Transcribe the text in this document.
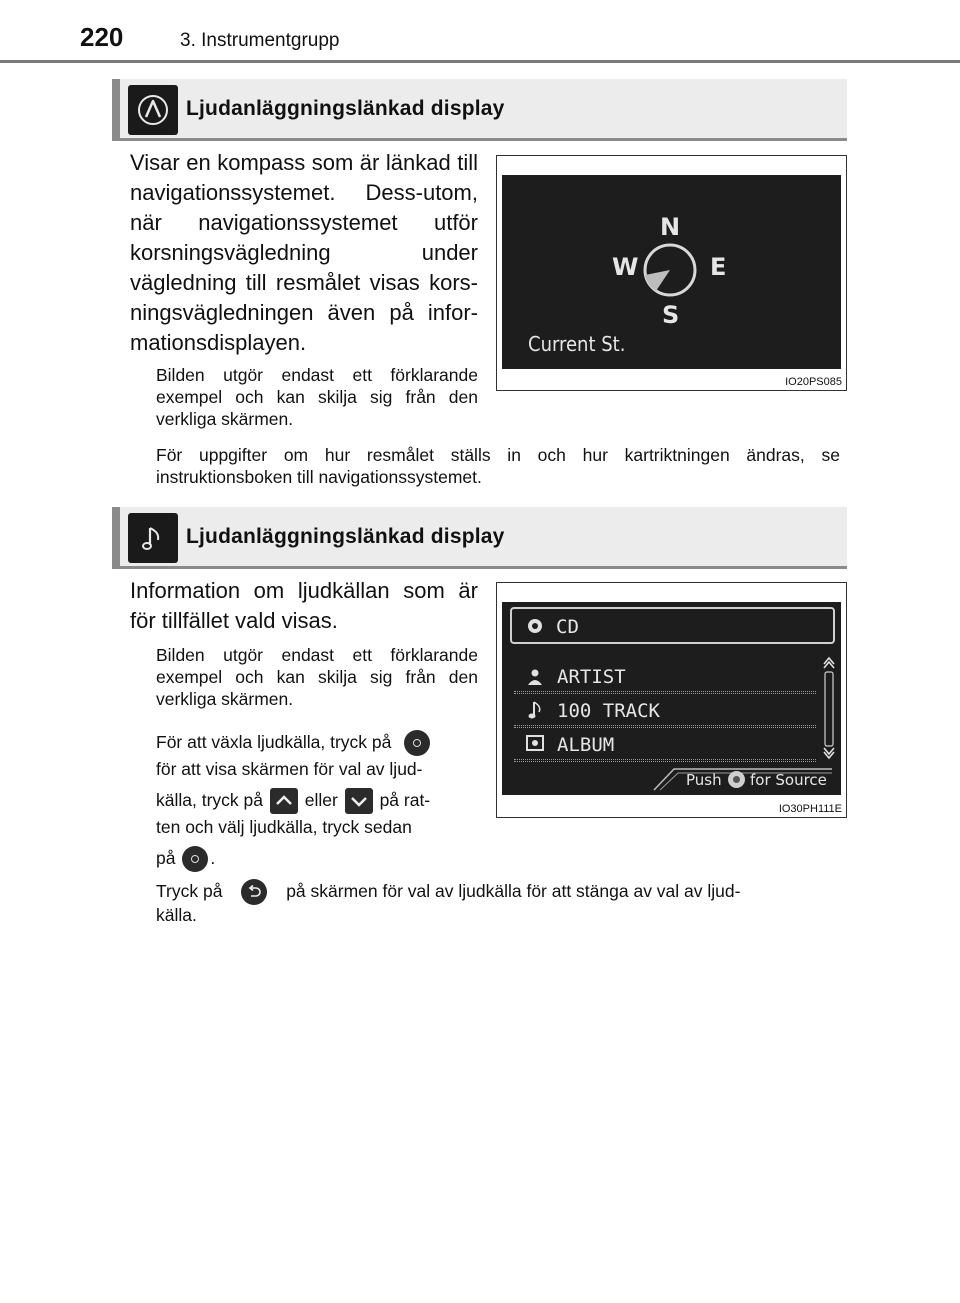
220	3. Instrumentgrupp
Ljudanläggningslänkad display
Visar en kompass som är länkad till navigationssystemet. Dess-utom, när navigationssystemet utför korsningsvägledning under vägledning till resmålet visas kors-ningsvägledningen även på infor-mationsdisplayen.
Bilden utgör endast ett förklarande exempel och kan skilja sig från den verkliga skärmen.
För uppgifter om hur resmålet ställs in och hur kartriktningen ändras, se instruktionsboken till navigationssystemet.
N
E
S
W
Current St.
IO20PS085
Ljudanläggningslänkad display
Information om ljudkällan som är för tillfället vald visas.
Bilden utgör endast ett förklarande exempel och kan skilja sig från den verkliga skärmen.
För att växla ljudkälla, tryck på
för att visa skärmen för val av ljud-
källa, tryck på eller på rat-
ten och välj ljudkälla, tryck sedan
på .
Tryck på	på skärmen för val av ljudkälla för att stänga av val av ljud-
källa.
CD
ARTIST
100 TRACK
ALBUM
Push for Source
IO30PH111E
